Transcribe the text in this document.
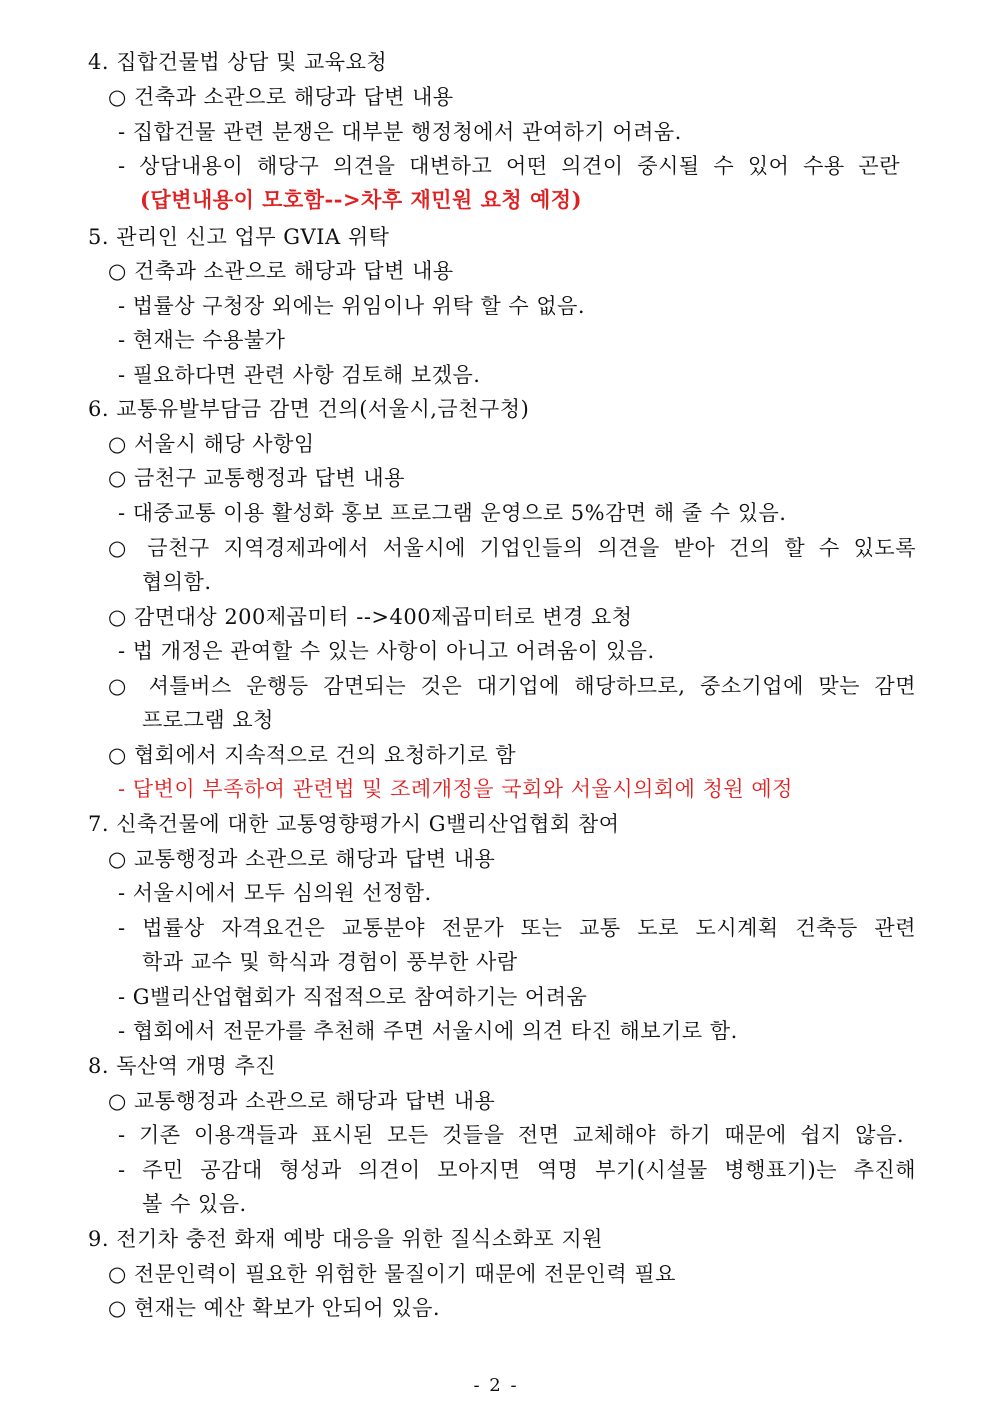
4. 집합건물법 상담 및 교육요청
○ 건축과 소관으로 해당과 답변 내용
- 집합건물 관련 분쟁은 대부분 행정청에서 관여하기 어려움.
- 상담내용이 해당구 의견을 대변하고 어떤 의견이 중시될 수 있어 수용 곤란
(답변내용이 모호함-->차후 재민원 요청 예정)
5. 관리인 신고 업무 GVIA 위탁
○ 건축과 소관으로 해당과 답변 내용
- 법률상 구청장 외에는 위임이나 위탁 할 수 없음.
- 현재는 수용불가
- 필요하다면 관련 사항 검토해 보겠음.
6. 교통유발부담금 감면 건의(서울시,금천구청)
○ 서울시 해당 사항임
○ 금천구 교통행정과 답변 내용
- 대중교통 이용 활성화 홍보 프로그램 운영으로 5%감면 해 줄 수 있음.
○ 금천구 지역경제과에서 서울시에 기업인들의 의견을 받아 건의 할 수 있도록
협의함.
○ 감면대상 200제곱미터 -->400제곱미터로 변경 요청
- 법 개정은 관여할 수 있는 사항이 아니고 어려움이 있음.
○ 셔틀버스 운행등 감면되는 것은 대기업에 해당하므로, 중소기업에 맞는 감면
프로그램 요청
○ 협회에서 지속적으로 건의 요청하기로 함
- 답변이 부족하여 관련법 및 조례개정을 국회와 서울시의회에 청원 예정
7. 신축건물에 대한 교통영향평가시 G밸리산업협회 참여
○ 교통행정과 소관으로 해당과 답변 내용
- 서울시에서 모두 심의원 선정함.
- 법률상 자격요건은 교통분야 전문가 또는 교통 도로 도시계획 건축등 관련
학과 교수 및 학식과 경험이 풍부한 사람
- G밸리산업협회가 직접적으로 참여하기는 어려움
- 협회에서 전문가를 추천해 주면 서울시에 의견 타진 해보기로 함.
8. 독산역 개명 추진
○ 교통행정과 소관으로 해당과 답변 내용
- 기존 이용객들과 표시된 모든 것들을 전면 교체해야 하기 때문에 쉽지 않음.
- 주민 공감대 형성과 의견이 모아지면 역명 부기(시설물 병행표기)는 추진해
볼 수 있음.
9. 전기차 충전 화재 예방 대응을 위한 질식소화포 지원
○ 전문인력이 필요한 위험한 물질이기 때문에 전문인력 필요
○ 현재는 예산 확보가 안되어 있음.
- 2 -
